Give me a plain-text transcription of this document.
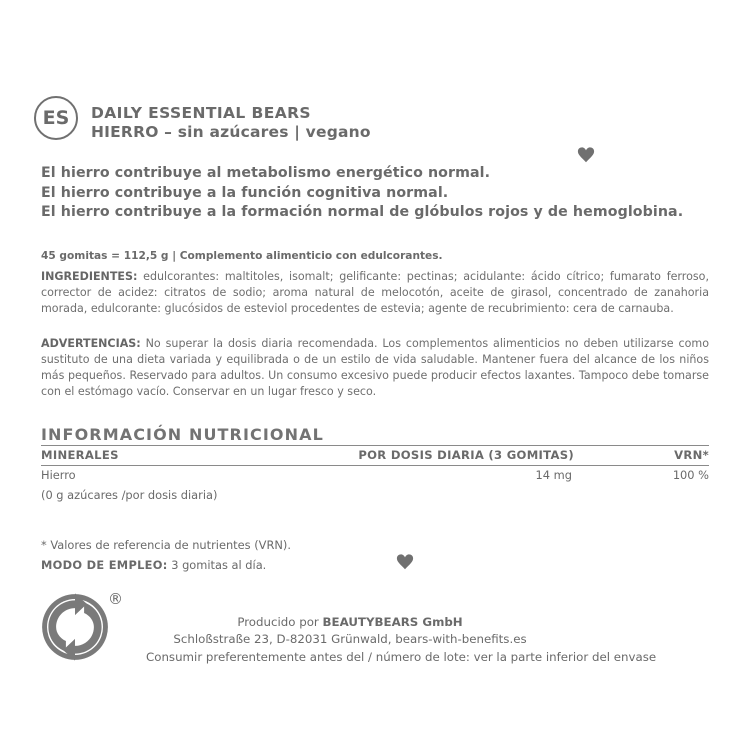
ES DAILY ESSENTIAL BEARS
HIERRO – sin azúcares | vegano
El hierro contribuye al metabolismo energético normal.
El hierro contribuye a la función cognitiva normal.
El hierro contribuye a la formación normal de glóbulos rojos y de hemoglobina.
45 gomitas = 112,5 g | Complemento alimenticio con edulcorantes.
INGREDIENTES: edulcorantes: maltitoles, isomalt; gelificante: pectinas; acidulante: ácido cítrico; fumarato ferroso, corrector de acidez: citratos de sodio; aroma natural de melocotón, aceite de girasol, concentrado de zanahoria morada, edulcorante: glucósidos de esteviol procedentes de estevia; agente de recubrimiento: cera de carnauba.
ADVERTENCIAS: No superar la dosis diaria recomendada. Los complementos alimenticios no deben utilizarse como sustituto de una dieta variada y equilibrada o de un estilo de vida saludable. Mantener fuera del alcance de los niños más pequeños. Reservado para adultos. Un consumo excesivo puede producir efectos laxantes. Tampoco debe tomarse con el estómago vacío. Conservar en un lugar fresco y seco.
INFORMACIÓN NUTRICIONAL
MINERALES	POR DOSIS DIARIA (3 GOMITAS)	VRN*
Hierro	14 mg	100 %
(0 g azúcares /por dosis diaria)
* Valores de referencia de nutrientes (VRN).
MODO DE EMPLEO: 3 gomitas al día.
®
Producido por BEAUTYBEARS GmbH
Schloßstraße 23, D-82031 Grünwald, bears-with-benefits.es
Consumir preferentemente antes del / número de lote: ver la parte inferior del envase
